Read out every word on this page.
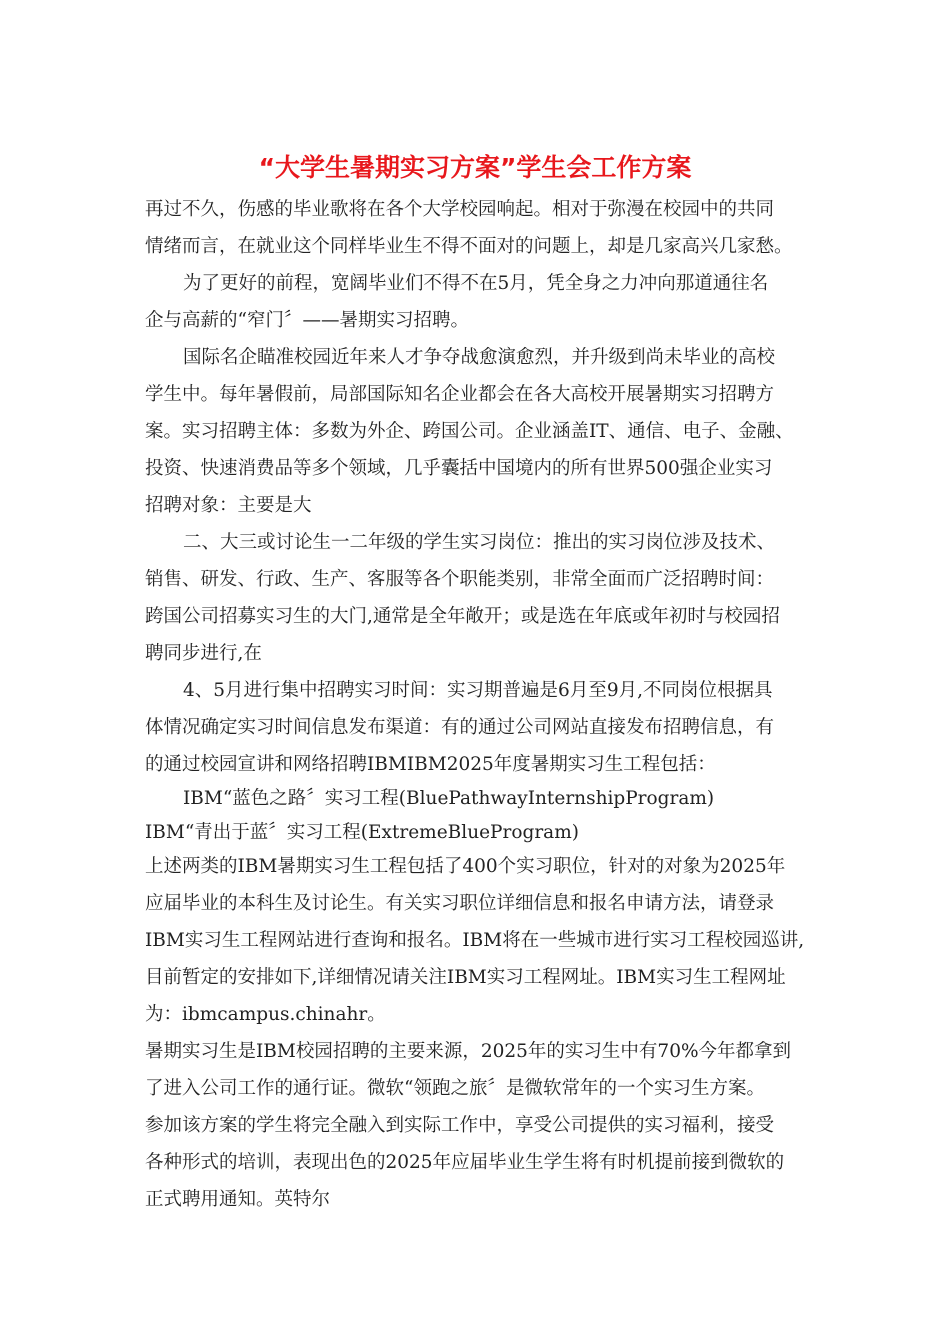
“大学生暑期实习方案”学生会工作方案

再过不久，伤感的毕业歌将在各个大学校园响起。相对于弥漫在校园中的共同

情绪而言，在就业这个同样毕业生不得不面对的问题上，却是几家高兴几家愁。

为了更好的前程，宽阔毕业们不得不在5月，凭全身之力冲向那道通往名

企与高薪的“窄门〞——暑期实习招聘。

国际名企瞄准校园近年来人才争夺战愈演愈烈，并升级到尚未毕业的高校

学生中。每年暑假前，局部国际知名企业都会在各大高校开展暑期实习招聘方

案。实习招聘主体：多数为外企、跨国公司。企业涵盖IT、通信、电子、金融、

投资、快速消费品等多个领域，几乎囊括中国境内的所有世界500强企业实习

招聘对象：主要是大

二、大三或讨论生一二年级的学生实习岗位：推出的实习岗位涉及技术、

销售、研发、行政、生产、客服等各个职能类别，非常全面而广泛招聘时间：

跨国公司招募实习生的大门,通常是全年敞开；或是选在年底或年初时与校园招

聘同步进行,在

4、5月进行集中招聘实习时间：实习期普遍是6月至9月,不同岗位根据具

体情况确定实习时间信息发布渠道：有的通过公司网站直接发布招聘信息，有

的通过校园宣讲和网络招聘IBMIBM2025年度暑期实习生工程包括：

IBM“蓝色之路〞实习工程(BluePathwayInternshipProgram)

IBM“青出于蓝〞实习工程(ExtremeBlueProgram)

上述两类的IBM暑期实习生工程包括了400个实习职位，针对的对象为2025年

应届毕业的本科生及讨论生。有关实习职位详细信息和报名申请方法，请登录

IBM实习生工程网站进行查询和报名。IBM将在一些城市进行实习工程校园巡讲,

目前暂定的安排如下,详细情况请关注IBM实习工程网址。IBM实习生工程网址

为：ibmcampus.chinahr。

暑期实习生是IBM校园招聘的主要来源，2025年的实习生中有70%今年都拿到

了进入公司工作的通行证。微软“领跑之旅〞是微软常年的一个实习生方案。

参加该方案的学生将完全融入到实际工作中，享受公司提供的实习福利，接受

各种形式的培训，表现出色的2025年应届毕业生学生将有时机提前接到微软的

正式聘用通知。英特尔
